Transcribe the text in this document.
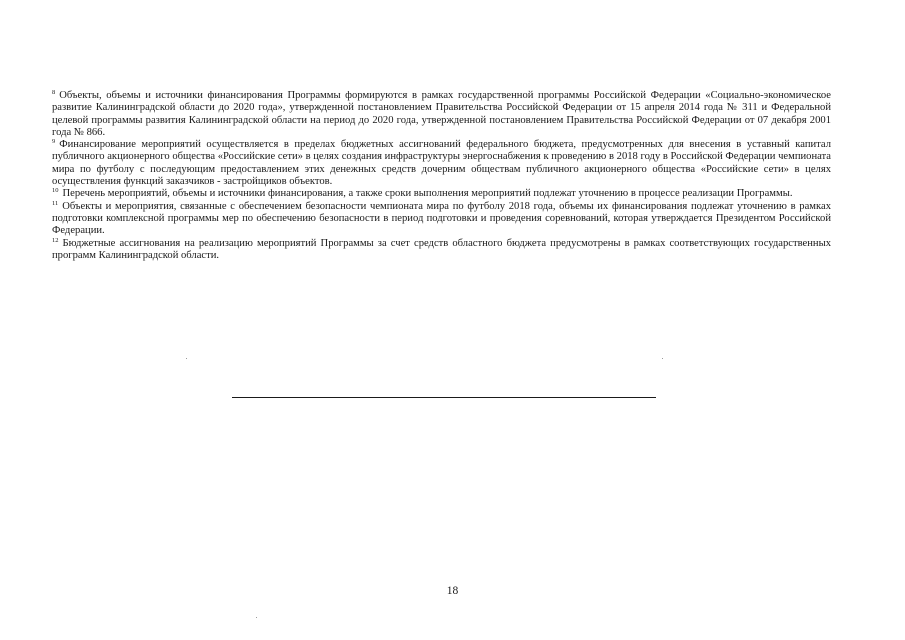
$^8$ Объекты, объемы и источники финансирования Программы формируются в рамках государственной программы Российской Федерации «Социально-экономическое развитие Калининградской области до 2020 года», утвержденной постановлением Правительства Российской Федерации от 15 апреля 2014 года № 311 и Федеральной целевой программы развития Калининградской области на период до 2020 года, утвержденной постановлением Правительства Российской Федерации от 07 декабря 2001 года № 866.

$^9$ Финансирование мероприятий осуществляется в пределах бюджетных ассигнований федерального бюджета, предусмотренных для внесения в уставный капитал публичного акционерного общества «Российские сети» в целях создания инфраструктуры энергоснабжения к проведению в 2018 году в Российской Федерации чемпионата мира по футболу с последующим предоставлением этих денежных средств дочерним обществам публичного акционерного общества «Российские сети» в целях осуществления функций заказчиков - застройщиков объектов.

$^{10}$ Перечень мероприятий, объемы и источники финансирования, а также сроки выполнения мероприятий подлежат уточнению в процессе реализации Программы.

$^{11}$ Объекты и мероприятия, связанные с обеспечением безопасности чемпионата мира по футболу 2018 года, объемы их финансирования подлежат уточнению в рамках подготовки комплексной программы мер по обеспечению безопасности в период подготовки и проведения соревнований, которая утверждается Президентом Российской Федерации.

$^{12}$ Бюджетные ассигнования на реализацию мероприятий Программы за счет средств областного бюджета предусмотрены в рамках соответствующих государственных программ Калининградской области.

18
